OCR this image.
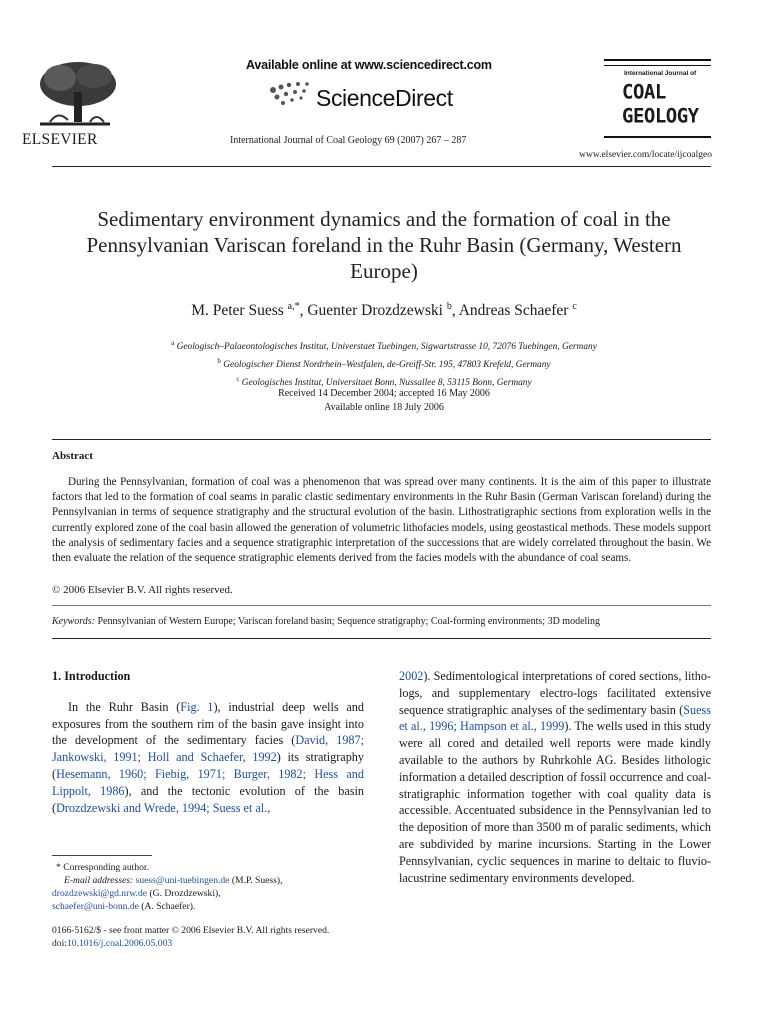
ELSEVIER
Available online at www.sciencedirect.com
ScienceDirect
International Journal of Coal Geology 69 (2007) 267 – 287
International Journal of
COAL
GEOLOGY
www.elsevier.com/locate/ijcoalgeo
Sedimentary environment dynamics and the formation of coal in the Pennsylvanian Variscan foreland in the Ruhr Basin (Germany, Western Europe)
M. Peter Suess $^{a,*}$, Guenter Drozdzewski $^b$, Andreas Schaefer $^c$
$^a$ Geologisch–Palaeontologisches Institut, Universtaet Tuebingen, Sigwartstrasse 10, 72076 Tuebingen, Germany
$^b$ Geologischer Dienst Nordrhein–Westfalen, de-Greiff-Str. 195, 47803 Krefeld, Germany
$^c$ Geologisches Institut, Universitaet Bonn, Nussallee 8, 53115 Bonn, Germany
Received 14 December 2004; accepted 16 May 2006
Available online 18 July 2006
Abstract
During the Pennsylvanian, formation of coal was a phenomenon that was spread over many continents. It is the aim of this paper to illustrate factors that led to the formation of coal seams in paralic clastic sedimentary environments in the Ruhr Basin (German Variscan foreland) during the Pennsylvanian in terms of sequence stratigraphy and the structural evolution of the basin. Lithostratigraphic sections from exploration wells in the currently explored zone of the coal basin allowed the generation of volumetric lithofacies models, using geostastical methods. These models support the analysis of sedimentary facies and a sequence stratigraphic interpretation of the successions that are widely correlated throughout the basin. We then evaluate the relation of the sequence stratigraphic elements derived from the facies models with the abundance of coal seams.
© 2006 Elsevier B.V. All rights reserved.
Keywords: Pennsylvanian of Western Europe; Variscan foreland basin; Sequence stratigraphy; Coal-forming environments; 3D modeling
1. Introduction
In the Ruhr Basin (Fig. 1), industrial deep wells and exposures from the southern rim of the basin gave insight into the development of the sedimentary facies (David, 1987; Jankowski, 1991; Holl and Schaefer, 1992) its stratigraphy (Hesemann, 1960; Fiebig, 1971; Burger, 1982; Hess and Lippolt, 1986), and the tectonic evolution of the basin (Drozdzewski and Wrede, 1994; Suess et al.,
* Corresponding author.
E-mail addresses: suess@uni-tuebingen.de (M.P. Suess),
drozdzewski@gd.nrw.de (G. Drozdzewski),
schaefer@uni-bonn.de (A. Schaefer).
0166-5162/$ - see front matter © 2006 Elsevier B.V. All rights reserved.
doi:10.1016/j.coal.2006.05.003
2002). Sedimentological interpretations of cored sections, litho-logs, and supplementary electro-logs facilitated extensive sequence stratigraphic analyses of the sedimentary basin (Suess et al., 1996; Hampson et al., 1999). The wells used in this study were all cored and detailed well reports were made kindly available to the authors by Ruhrkohle AG. Besides lithologic information a detailed description of fossil occurrence and coal-stratigraphic information together with coal quality data is accessible. Accentuated subsidence in the Pennsylvanian led to the deposition of more than 3500 m of paralic sediments, which are subdivided by marine incursions. Starting in the Lower Pennsylvanian, cyclic sequences in marine to deltaic to fluvio-lacustrine sedimentary environments developed.
